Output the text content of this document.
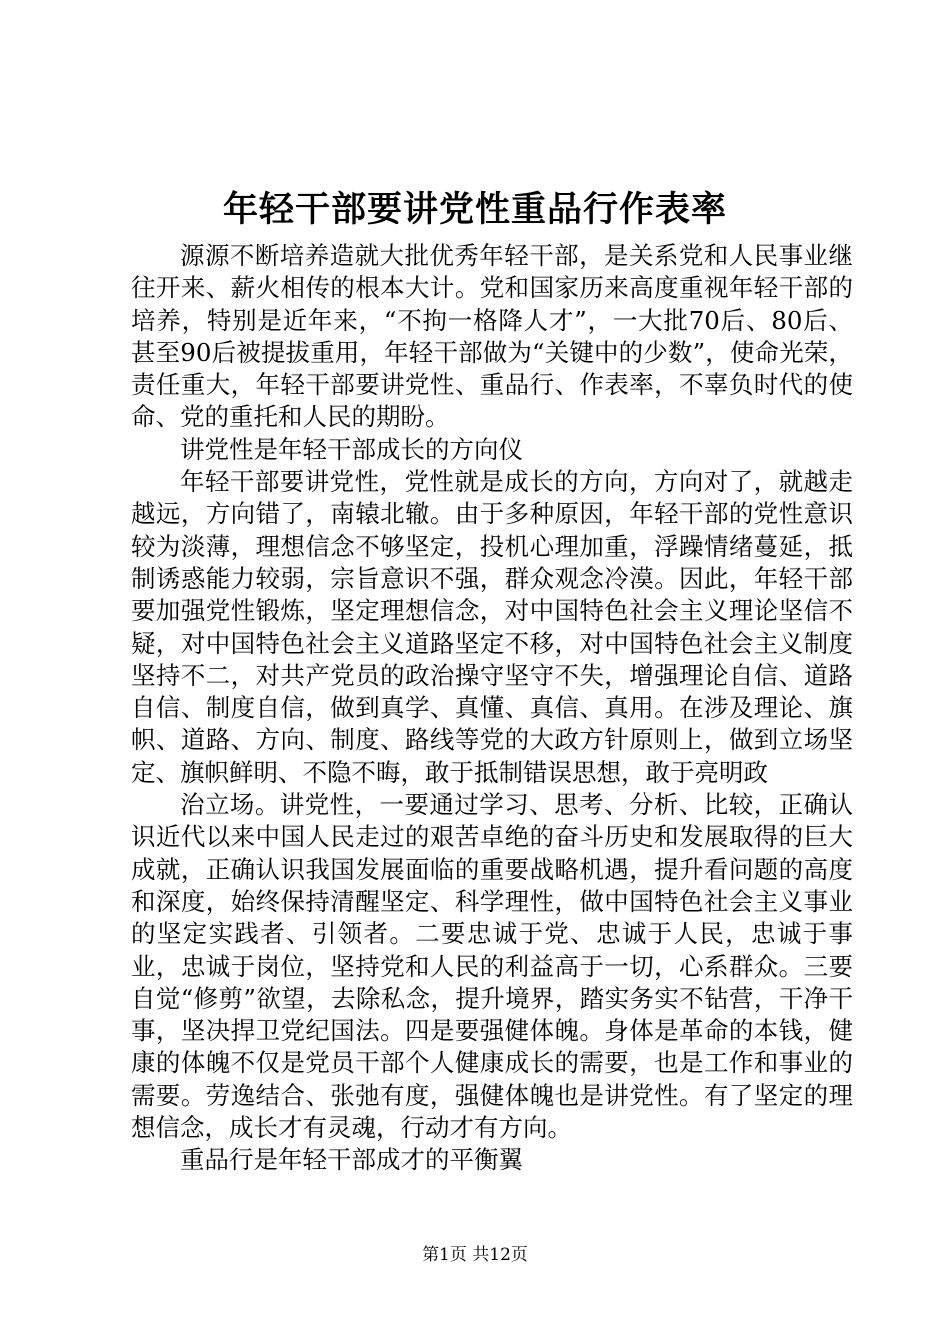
年轻干部要讲党性重品行作表率

源源不断培养造就大批优秀年轻干部，是关系党和人民事业继往开来、薪火相传的根本大计。党和国家历来高度重视年轻干部的培养，特别是近年来，“不拘一格降人才”，一大批70后、80后、甚至90后被提拔重用，年轻干部做为“关键中的少数”，使命光荣，责任重大，年轻干部要讲党性、重品行、作表率，不辜负时代的使命、党的重托和人民的期盼。

讲党性是年轻干部成长的方向仪

年轻干部要讲党性，党性就是成长的方向，方向对了，就越走越远，方向错了，南辕北辙。由于多种原因，年轻干部的党性意识较为淡薄，理想信念不够坚定，投机心理加重，浮躁情绪蔓延，抵制诱惑能力较弱，宗旨意识不强，群众观念冷漠。因此，年轻干部要加强党性锻炼，坚定理想信念，对中国特色社会主义理论坚信不疑，对中国特色社会主义道路坚定不移，对中国特色社会主义制度坚持不二，对共产党员的政治操守坚守不失，增强理论自信、道路自信、制度自信，做到真学、真懂、真信、真用。在涉及理论、旗帜、道路、方向、制度、路线等党的大政方针原则上，做到立场坚定、旗帜鲜明、不隐不晦，敢于抵制错误思想，敢于亮明政

治立场。讲党性，一要通过学习、思考、分析、比较，正确认识近代以来中国人民走过的艰苦卓绝的奋斗历史和发展取得的巨大成就，正确认识我国发展面临的重要战略机遇，提升看问题的高度和深度，始终保持清醒坚定、科学理性，做中国特色社会主义事业的坚定实践者、引领者。二要忠诚于党、忠诚于人民，忠诚于事业，忠诚于岗位，坚持党和人民的利益高于一切，心系群众。三要自觉“修剪”欲望，去除私念，提升境界，踏实务实不钻营，干净干事，坚决捍卫党纪国法。四是要强健体魄。身体是革命的本钱，健康的体魄不仅是党员干部个人健康成长的需要，也是工作和事业的需要。劳逸结合、张弛有度，强健体魄也是讲党性。有了坚定的理想信念，成长才有灵魂，行动才有方向。

重品行是年轻干部成才的平衡翼

第1页 共12页
